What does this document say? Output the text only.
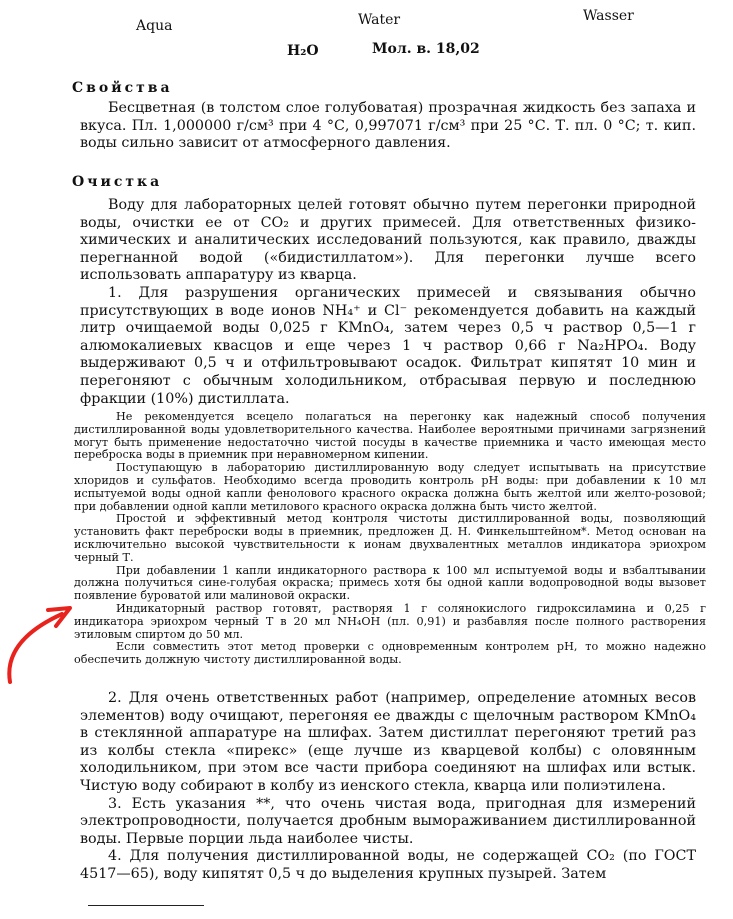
Aqua	Water	Wasser
H₂O	Мол. в. 18,02
Свойства

Бесцветная (в толстом слое голубоватая) прозрачная жидкость без запаха и вкуса. Пл. 1,000000 г/см³ при 4 °С, 0,997071 г/см³ при 25 °С. Т. пл. 0 °С; т. кип. воды сильно зависит от атмосферного давления.

Очистка

Воду для лабораторных целей готовят обычно путем перегонки природной воды, очистки ее от CO₂ и других примесей. Для ответственных физико-химических и аналитических исследований пользуются, как правило, дважды перегнанной водой («бидистиллатом»). Для перегонки лучше всего использовать аппаратуру из кварца.

1. Для разрушения органических примесей и связывания обычно присутствующих в воде ионов NH₄⁺ и Cl⁻ рекомендуется добавить на каждый литр очищаемой воды 0,025 г KMnO₄, затем через 0,5 ч раствор 0,5—1 г алюмокалиевых квасцов и еще через 1 ч раствор 0,66 г Na₂HPO₄. Воду выдерживают 0,5 ч и отфильтровывают осадок. Фильтрат кипятят 10 мин и перегоняют с обычным холодильником, отбрасывая первую и последнюю фракции (10%) дистиллата.

Не рекомендуется всецело полагаться на перегонку как надежный способ получения дистиллированной воды удовлетворительного качества. Наиболее вероятными причинами загрязнений могут быть применение недостаточно чистой посуды в качестве приемника и часто имеющая место переброска воды в приемник при неравномерном кипении.

Поступающую в лабораторию дистиллированную воду следует испытывать на присутствие хлоридов и сульфатов. Необходимо всегда проводить контроль pH воды: при добавлении к 10 мл испытуемой воды одной капли фенолового красного окраска должна быть желтой или желто-розовой; при добавлении одной капли метилового красного окраска должна быть чисто желтой.

Простой и эффективный метод контроля чистоты дистиллированной воды, позволяющий установить факт переброски воды в приемник, предложен Д. Н. Финкельштейном*. Метод основан на исключительно высокой чувствительности к ионам двухвалентных металлов индикатора эриохром черный Т.

При добавлении 1 капли индикаторного раствора к 100 мл испытуемой воды и взбалтывании должна получиться сине-голубая окраска; примесь хотя бы одной капли водопроводной воды вызовет появление буроватой или малиновой окраски.

Индикаторный раствор готовят, растворяя 1 г солянокислого гидроксиламина и 0,25 г индикатора эриохром черный Т в 20 мл NH₄OH (пл. 0,91) и разбавляя после полного растворения этиловым спиртом до 50 мл.

Если совместить этот метод проверки с одновременным контролем pH, то можно надежно обеспечить должную чистоту дистиллированной воды.

2. Для очень ответственных работ (например, определение атомных весов элементов) воду очищают, перегоняя ее дважды с щелочным раствором KMnO₄ в стеклянной аппаратуре на шлифах. Затем дистиллат перегоняют третий раз из колбы стекла «пирекс» (еще лучше из кварцевой колбы) с оловянным холодильником, при этом все части прибора соединяют на шлифах или встык. Чистую воду собирают в колбу из иенского стекла, кварца или полиэтилена.

3. Есть указания **, что очень чистая вода, пригодная для измерений электропроводности, получается дробным вымораживанием дистиллированной воды. Первые порции льда наиболее чисты.

4. Для получения дистиллированной воды, не содержащей CO₂ (по ГОСТ 4517—65), воду кипятят 0,5 ч до выделения крупных пузырей. Затем
